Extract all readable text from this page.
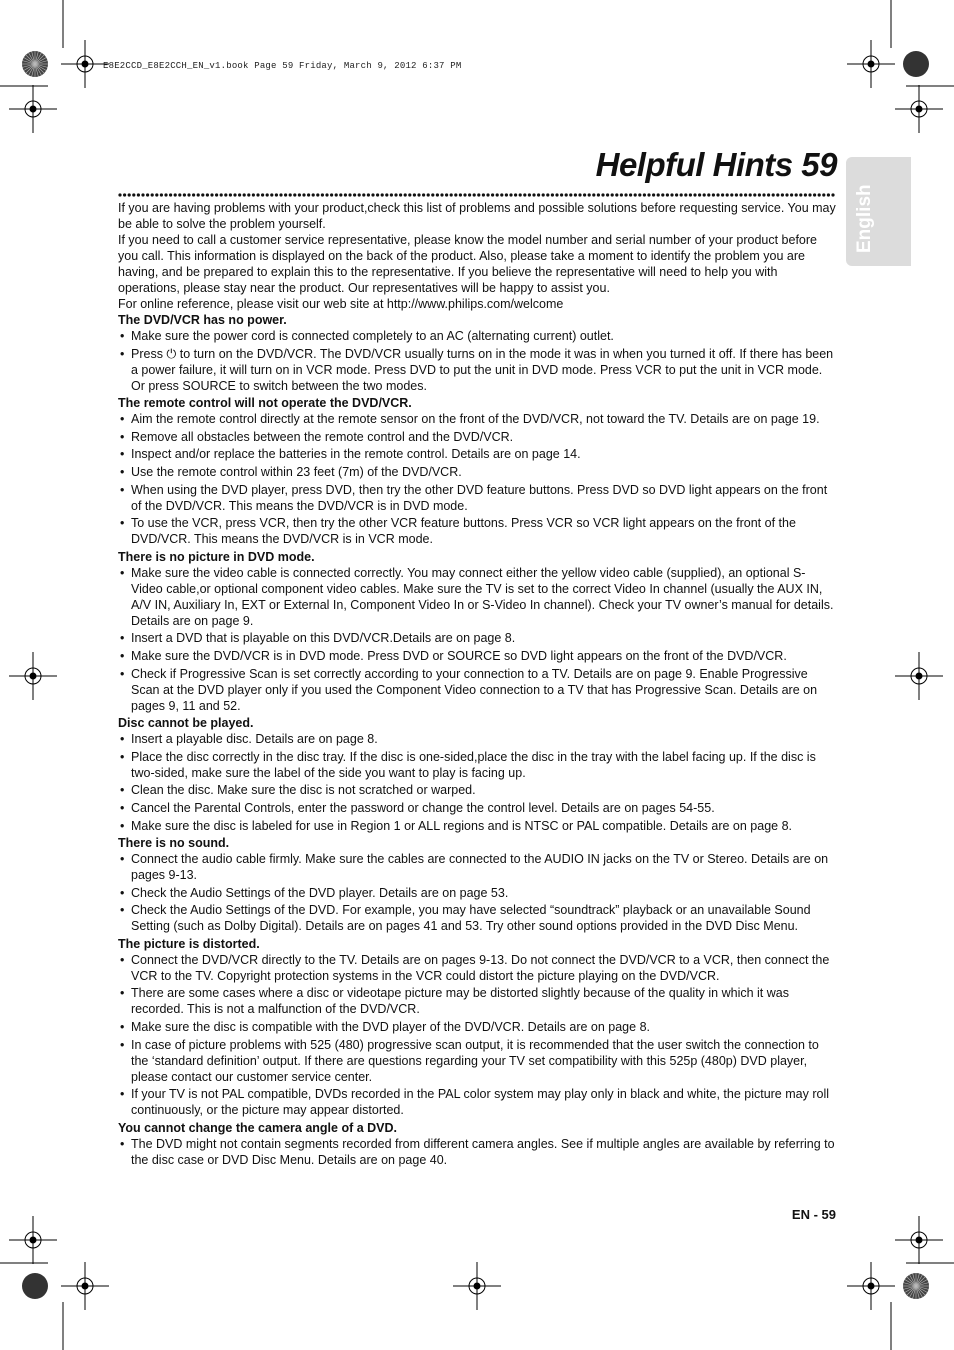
E8E2CCD_E8E2CCH_EN_v1.book Page 59 Friday, March 9, 2012 6:37 PM
Helpful Hints 59
English

If you are having problems with your product,check this list of problems and possible solutions before requesting service. You may be able to solve the problem yourself.

If you need to call a customer service representative, please know the model number and serial number of your product before you call. This information is displayed on the back of the product. Also, please take a moment to identify the problem you are having, and be prepared to explain this to the representative. If you believe the representative will need to help you with operations, please stay near the product. Our representatives will be happy to assist you.

For online reference, please visit our web site at http://www.philips.com/welcome

The DVD/VCR has no power.

• Make sure the power cord is connected completely to an AC (alternating current) outlet.
• Press ⏻ to turn on the DVD/VCR. The DVD/VCR usually turns on in the mode it was in when you turned it off. If there has been a power failure, it will turn on in VCR mode. Press DVD to put the unit in DVD mode. Press VCR to put the unit in VCR mode. Or press SOURCE to switch between the two modes.

The remote control will not operate the DVD/VCR.

• Aim the remote control directly at the remote sensor on the front of the DVD/VCR, not toward the TV. Details are on page 19.
• Remove all obstacles between the remote control and the DVD/VCR.
• Inspect and/or replace the batteries in the remote control. Details are on page 14.
• Use the remote control within 23 feet (7m) of the DVD/VCR.
• When using the DVD player, press DVD, then try the other DVD feature buttons. Press DVD so DVD light appears on the front of the DVD/VCR. This means the DVD/VCR is in DVD mode.
• To use the VCR, press VCR, then try the other VCR feature buttons. Press VCR so VCR light appears on the front of the DVD/VCR. This means the DVD/VCR is in VCR mode.

There is no picture in DVD mode.

• Make sure the video cable is connected correctly. You may connect either the yellow video cable (supplied), an optional S-Video cable,or optional component video cables. Make sure the TV is set to the correct Video In channel (usually the AUX IN, A/V IN, Auxiliary In, EXT or External In, Component Video In or S-Video In channel). Check your TV owner’s manual for details. Details are on page 9.
• Insert a DVD that is playable on this DVD/VCR.Details are on page 8.
• Make sure the DVD/VCR is in DVD mode. Press DVD or SOURCE so DVD light appears on the front of the DVD/VCR.
• Check if Progressive Scan is set correctly according to your connection to a TV. Details are on page 9. Enable Progressive Scan at the DVD player only if you used the Component Video connection to a TV that has Progressive Scan. Details are on pages 9, 11 and 52.

Disc cannot be played.

• Insert a playable disc. Details are on page 8.
• Place the disc correctly in the disc tray. If the disc is one-sided,place the disc in the tray with the label facing up. If the disc is two-sided, make sure the label of the side you want to play is facing up.
• Clean the disc. Make sure the disc is not scratched or warped.
• Cancel the Parental Controls, enter the password or change the control level. Details are on pages 54-55.
• Make sure the disc is labeled for use in Region 1 or ALL regions and is NTSC or PAL compatible. Details are on page 8.

There is no sound.

• Connect the audio cable firmly. Make sure the cables are connected to the AUDIO IN jacks on the TV or Stereo. Details are on pages 9-13.
• Check the Audio Settings of the DVD player. Details are on page 53.
• Check the Audio Settings of the DVD. For example, you may have selected “soundtrack” playback or an unavailable Sound Setting (such as Dolby Digital). Details are on pages 41 and 53. Try other sound options provided in the DVD Disc Menu.

The picture is distorted.

• Connect the DVD/VCR directly to the TV. Details are on pages 9-13. Do not connect the DVD/VCR to a VCR, then connect the VCR to the TV. Copyright protection systems in the VCR could distort the picture playing on the DVD/VCR.
• There are some cases where a disc or videotape picture may be distorted slightly because of the quality in which it was recorded. This is not a malfunction of the DVD/VCR.
• Make sure the disc is compatible with the DVD player of the DVD/VCR. Details are on page 8.
• In case of picture problems with 525 (480) progressive scan output, it is recommended that the user switch the connection to the ‘standard definition’ output. If there are questions regarding your TV set compatibility with this 525p (480p) DVD player, please contact our customer service center.
• If your TV is not PAL compatible, DVDs recorded in the PAL color system may play only in black and white, the picture may roll continuously, or the picture may appear distorted.

You cannot change the camera angle of a DVD.

• The DVD might not contain segments recorded from different camera angles. See if multiple angles are available by referring to the disc case or DVD Disc Menu. Details are on page 40.
EN - 59
